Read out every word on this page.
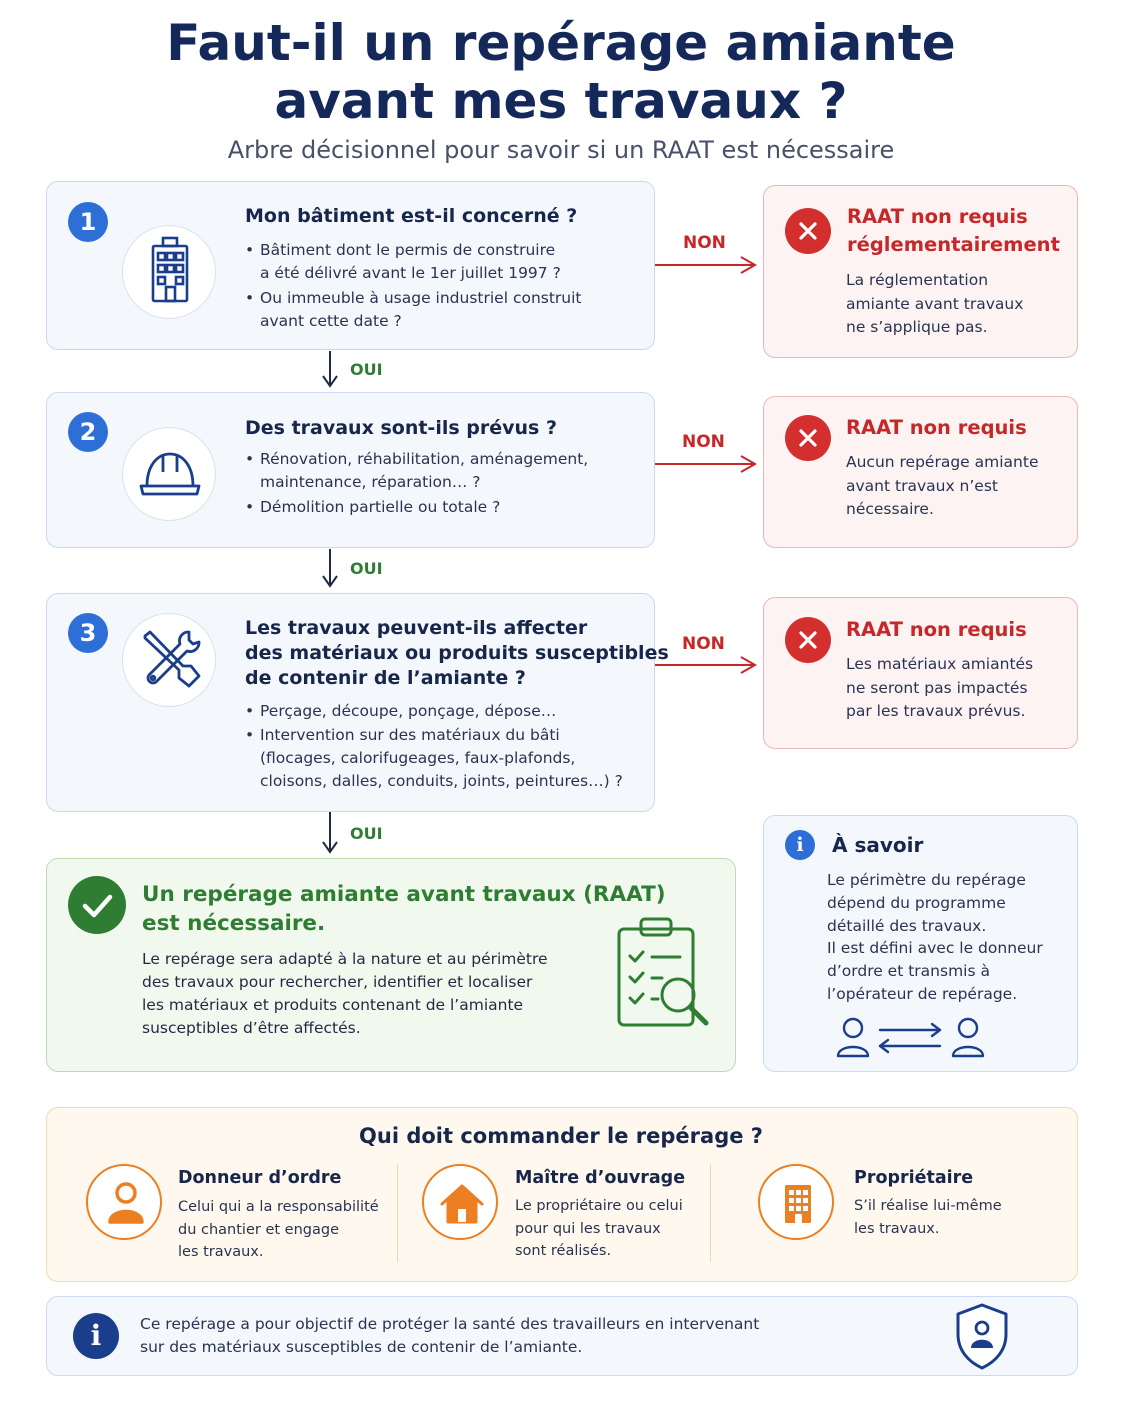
Faut-il un repérage amiante
avant mes travaux ?
Arbre décisionnel pour savoir si un RAAT est nécessaire
1	Mon bâtiment est-il concerné ?
• Bâtiment dont le permis de construire
a été délivré avant le 1er juillet 1997 ?
• Ou immeuble à usage industriel construit
avant cette date ?
NON
OUI
RAAT non requis
réglementairement
La réglementation
amiante avant travaux
ne s’applique pas.
2	Des travaux sont-ils prévus ?
• Rénovation, réhabilitation, aménagement,
maintenance, réparation… ?
• Démolition partielle ou totale ?
NON
OUI
RAAT non requis
Aucun repérage amiante
avant travaux n’est
nécessaire.
3	Les travaux peuvent-ils affecter
des matériaux ou produits susceptibles
de contenir de l’amiante ?
• Perçage, découpe, ponçage, dépose…
• Intervention sur des matériaux du bâti
(flocages, calorifugeages, faux-plafonds,
cloisons, dalles, conduits, joints, peintures…) ?
NON
OUI
RAAT non requis
Les matériaux amiantés
ne seront pas impactés
par les travaux prévus.
Un repérage amiante avant travaux (RAAT)
est nécessaire.
Le repérage sera adapté à la nature et au périmètre
des travaux pour rechercher, identifier et localiser
les matériaux et produits contenant de l’amiante
susceptibles d’être affectés.
i	À savoir
Le périmètre du repérage
dépend du programme
détaillé des travaux.
Il est défini avec le donneur
d’ordre et transmis à
l’opérateur de repérage.
Qui doit commander le repérage ?
Donneur d’ordre
Celui qui a la responsabilité
du chantier et engage
les travaux.
Maître d’ouvrage
Le propriétaire ou celui
pour qui les travaux
sont réalisés.
Propriétaire
S’il réalise lui-même
les travaux.
i	Ce repérage a pour objectif de protéger la santé des travailleurs en intervenant
sur des matériaux susceptibles de contenir de l’amiante.
